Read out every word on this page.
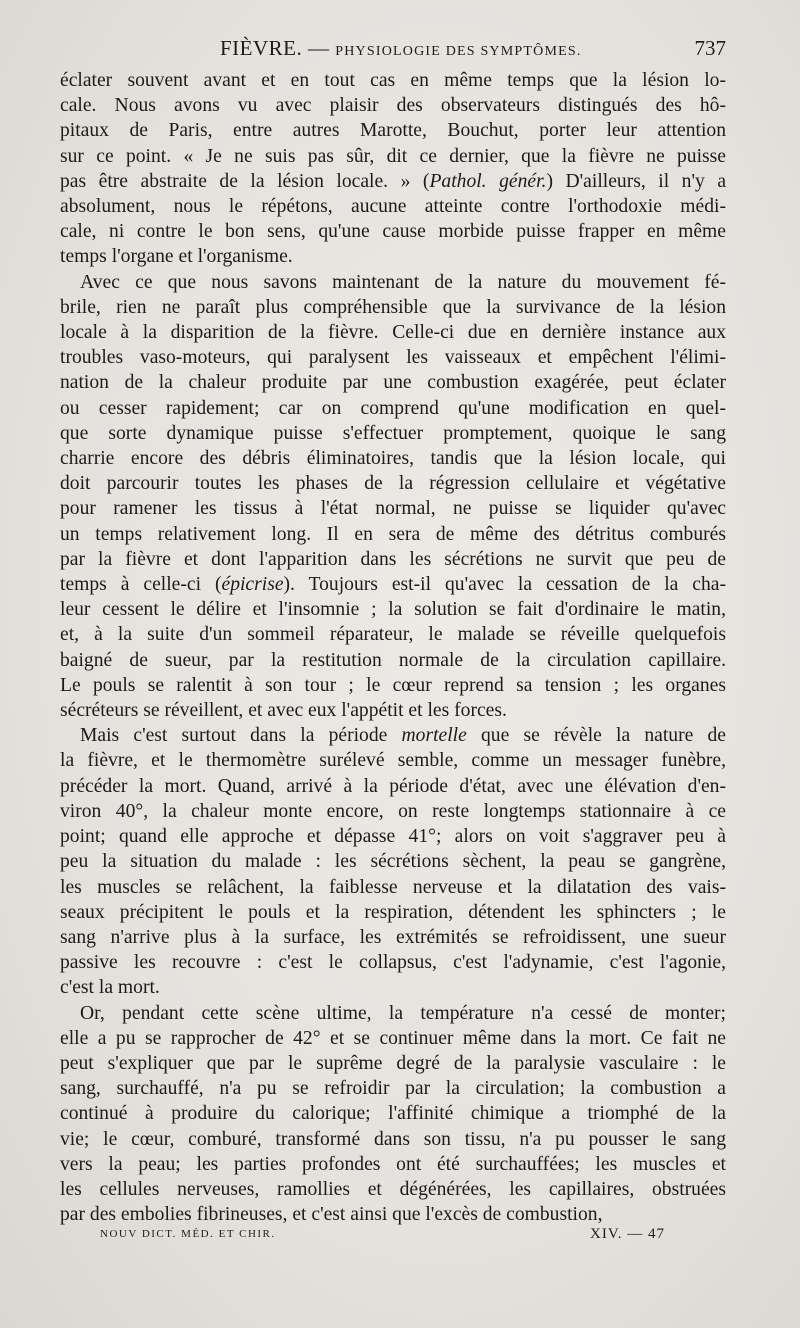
FIÈVRE. — PHYSIOLOGIE DES SYMPTÔMES.	737
éclater souvent avant et en tout cas en même temps que la lésion lo-
cale. Nous avons vu avec plaisir des observateurs distingués des hô-
pitaux de Paris, entre autres Marotte, Bouchut, porter leur attention
sur ce point. « Je ne suis pas sûr, dit ce dernier, que la fièvre ne puisse
pas être abstraite de la lésion locale. » (Pathol. génér.) D'ailleurs, il n'y a
absolument, nous le répétons, aucune atteinte contre l'orthodoxie médi-
cale, ni contre le bon sens, qu'une cause morbide puisse frapper en même
temps l'organe et l'organisme.
Avec ce que nous savons maintenant de la nature du mouvement fé-
brile, rien ne paraît plus compréhensible que la survivance de la lésion
locale à la disparition de la fièvre. Celle-ci due en dernière instance aux
troubles vaso-moteurs, qui paralysent les vaisseaux et empêchent l'élimi-
nation de la chaleur produite par une combustion exagérée, peut éclater
ou cesser rapidement; car on comprend qu'une modification en quel-
que sorte dynamique puisse s'effectuer promptement, quoique le sang
charrie encore des débris éliminatoires, tandis que la lésion locale, qui
doit parcourir toutes les phases de la régression cellulaire et végétative
pour ramener les tissus à l'état normal, ne puisse se liquider qu'avec
un temps relativement long. Il en sera de même des détritus comburés
par la fièvre et dont l'apparition dans les sécrétions ne survit que peu de
temps à celle-ci (épicrise). Toujours est-il qu'avec la cessation de la cha-
leur cessent le délire et l'insomnie ; la solution se fait d'ordinaire le matin,
et, à la suite d'un sommeil réparateur, le malade se réveille quelquefois
baigné de sueur, par la restitution normale de la circulation capillaire.
Le pouls se ralentit à son tour ; le cœur reprend sa tension ; les organes
sécréteurs se réveillent, et avec eux l'appétit et les forces.
Mais c'est surtout dans la période mortelle que se révèle la nature de
la fièvre, et le thermomètre surélevé semble, comme un messager funèbre,
précéder la mort. Quand, arrivé à la période d'état, avec une élévation d'en-
viron 40°, la chaleur monte encore, on reste longtemps stationnaire à ce
point; quand elle approche et dépasse 41°; alors on voit s'aggraver peu à
peu la situation du malade : les sécrétions sèchent, la peau se gangrène,
les muscles se relâchent, la faiblesse nerveuse et la dilatation des vais-
seaux précipitent le pouls et la respiration, détendent les sphincters ; le
sang n'arrive plus à la surface, les extrémités se refroidissent, une sueur
passive les recouvre : c'est le collapsus, c'est l'adynamie, c'est l'agonie,
c'est la mort.
Or, pendant cette scène ultime, la température n'a cessé de monter;
elle a pu se rapprocher de 42° et se continuer même dans la mort. Ce fait ne
peut s'expliquer que par le suprême degré de la paralysie vasculaire : le
sang, surchauffé, n'a pu se refroidir par la circulation; la combustion a
continué à produire du calorique; l'affinité chimique a triomphé de la
vie; le cœur, comburé, transformé dans son tissu, n'a pu pousser le sang
vers la peau; les parties profondes ont été surchauffées; les muscles et
les cellules nerveuses, ramollies et dégénérées, les capillaires, obstruées
par des embolies fibrineuses, et c'est ainsi que l'excès de combustion,
NOUV DICT. MÉD. ET CHIR.	XIV. — 47
